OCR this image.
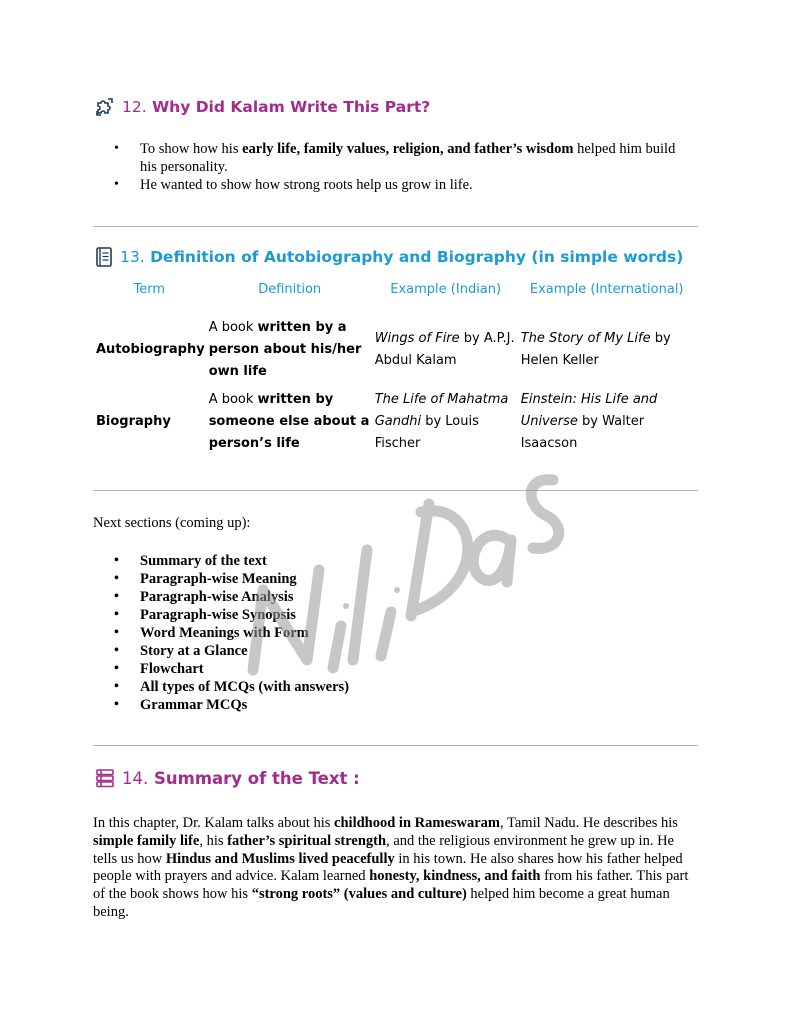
12.
Why Did Kalam Write This Part?
• To show how his early life, family values, religion, and father’s wisdom helped him build his personality.
• He wanted to show how strong roots help us grow in life.
13.
Definition of Autobiography and Biography (in simple words)
Term	Definition	Example (Indian)	Example (International)
Autobiography	A book written by a person about his/her own life	Wings of Fire by A.P.J. Abdul Kalam	The Story of My Life by Helen Keller
Biography	A book written by someone else about a person’s life	The Life of Mahatma Gandhi by Louis Fischer	Einstein: His Life and Universe by Walter Isaacson
Next sections (coming up):
• Summary of the text
• Paragraph-wise Meaning
• Paragraph-wise Analysis
• Paragraph-wise Synopsis
• Word Meanings with Form
• Story at a Glance
• Flowchart
• All types of MCQs (with answers)
• Grammar MCQs
14.
Summary of the Text :

In this chapter, Dr. Kalam talks about his childhood in Rameswaram, Tamil Nadu. He describes his simple family life, his father’s spiritual strength, and the religious environment he grew up in. He tells us how Hindus and Muslims lived peacefully in his town. He also shares how his father helped people with prayers and advice. Kalam learned honesty, kindness, and faith from his father. This part of the book shows how his “strong roots” (values and culture) helped him become a great human being.
